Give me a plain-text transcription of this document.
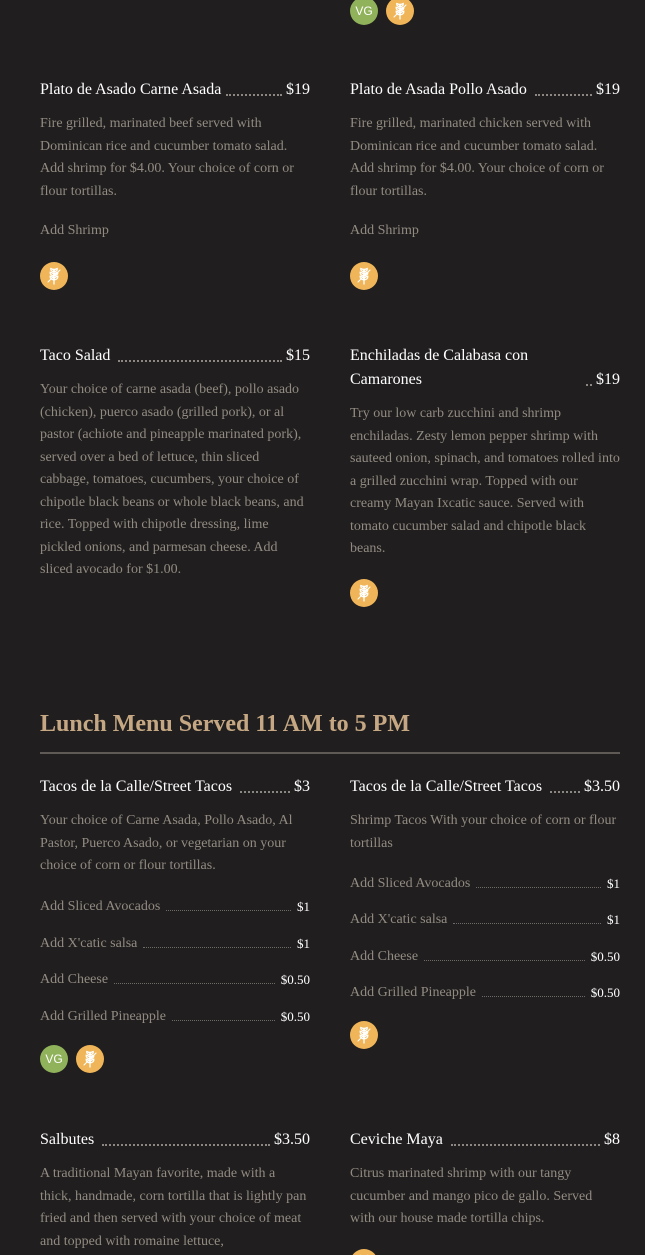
VG
Plato de Asado Carne Asada	$19

Fire grilled, marinated beef served with Dominican rice and cucumber tomato salad. Add shrimp for $4.00. Your choice of corn or flour tortillas.

Add Shrimp
Plato de Asada Pollo Asado	$19

Fire grilled, marinated chicken served with Dominican rice and cucumber tomato salad. Add shrimp for $4.00. Your choice of corn or flour tortillas.

Add Shrimp
Taco Salad	$15

Your choice of carne asada (beef), pollo asado (chicken), puerco asado (grilled pork), or al pastor (achiote and pineapple marinated pork), served over a bed of lettuce, thin sliced cabbage, tomatoes, cucumbers, your choice of chipotle black beans or whole black beans, and rice. Topped with chipotle dressing, lime pickled onions, and parmesan cheese. Add sliced avocado for $1.00.

Enchiladas de Calabasa con Camarones	$19

Try our low carb zucchini and shrimp enchiladas. Zesty lemon pepper shrimp with sauteed onion, spinach, and tomatoes rolled into a grilled zucchini wrap. Topped with our creamy Mayan Ixcatic sauce. Served with tomato cucumber salad and chipotle black beans.

Lunch Menu Served 11 AM to 5 PM
Tacos de la Calle/Street Tacos	$3

Your choice of Carne Asada, Pollo Asado, Al Pastor, Puerco Asado, or vegetarian on your choice of corn or flour tortillas.

Add Sliced Avocados	$1
Add X'catic salsa	$1
Add Cheese	$0.50
Add Grilled Pineapple	$0.50
VG
Tacos de la Calle/Street Tacos	$3.50

Shrimp Tacos With your choice of corn or flour tortillas

Add Sliced Avocados	$1
Add X'catic salsa	$1
Add Cheese	$0.50
Add Grilled Pineapple	$0.50
Salbutes	$3.50

A traditional Mayan favorite, made with a thick, handmade, corn tortilla that is lightly pan fried and then served with your choice of meat and topped with romaine lettuce,

Ceviche Maya	$8

Citrus marinated shrimp with our tangy cucumber and mango pico de gallo. Served with our house made tortilla chips.
